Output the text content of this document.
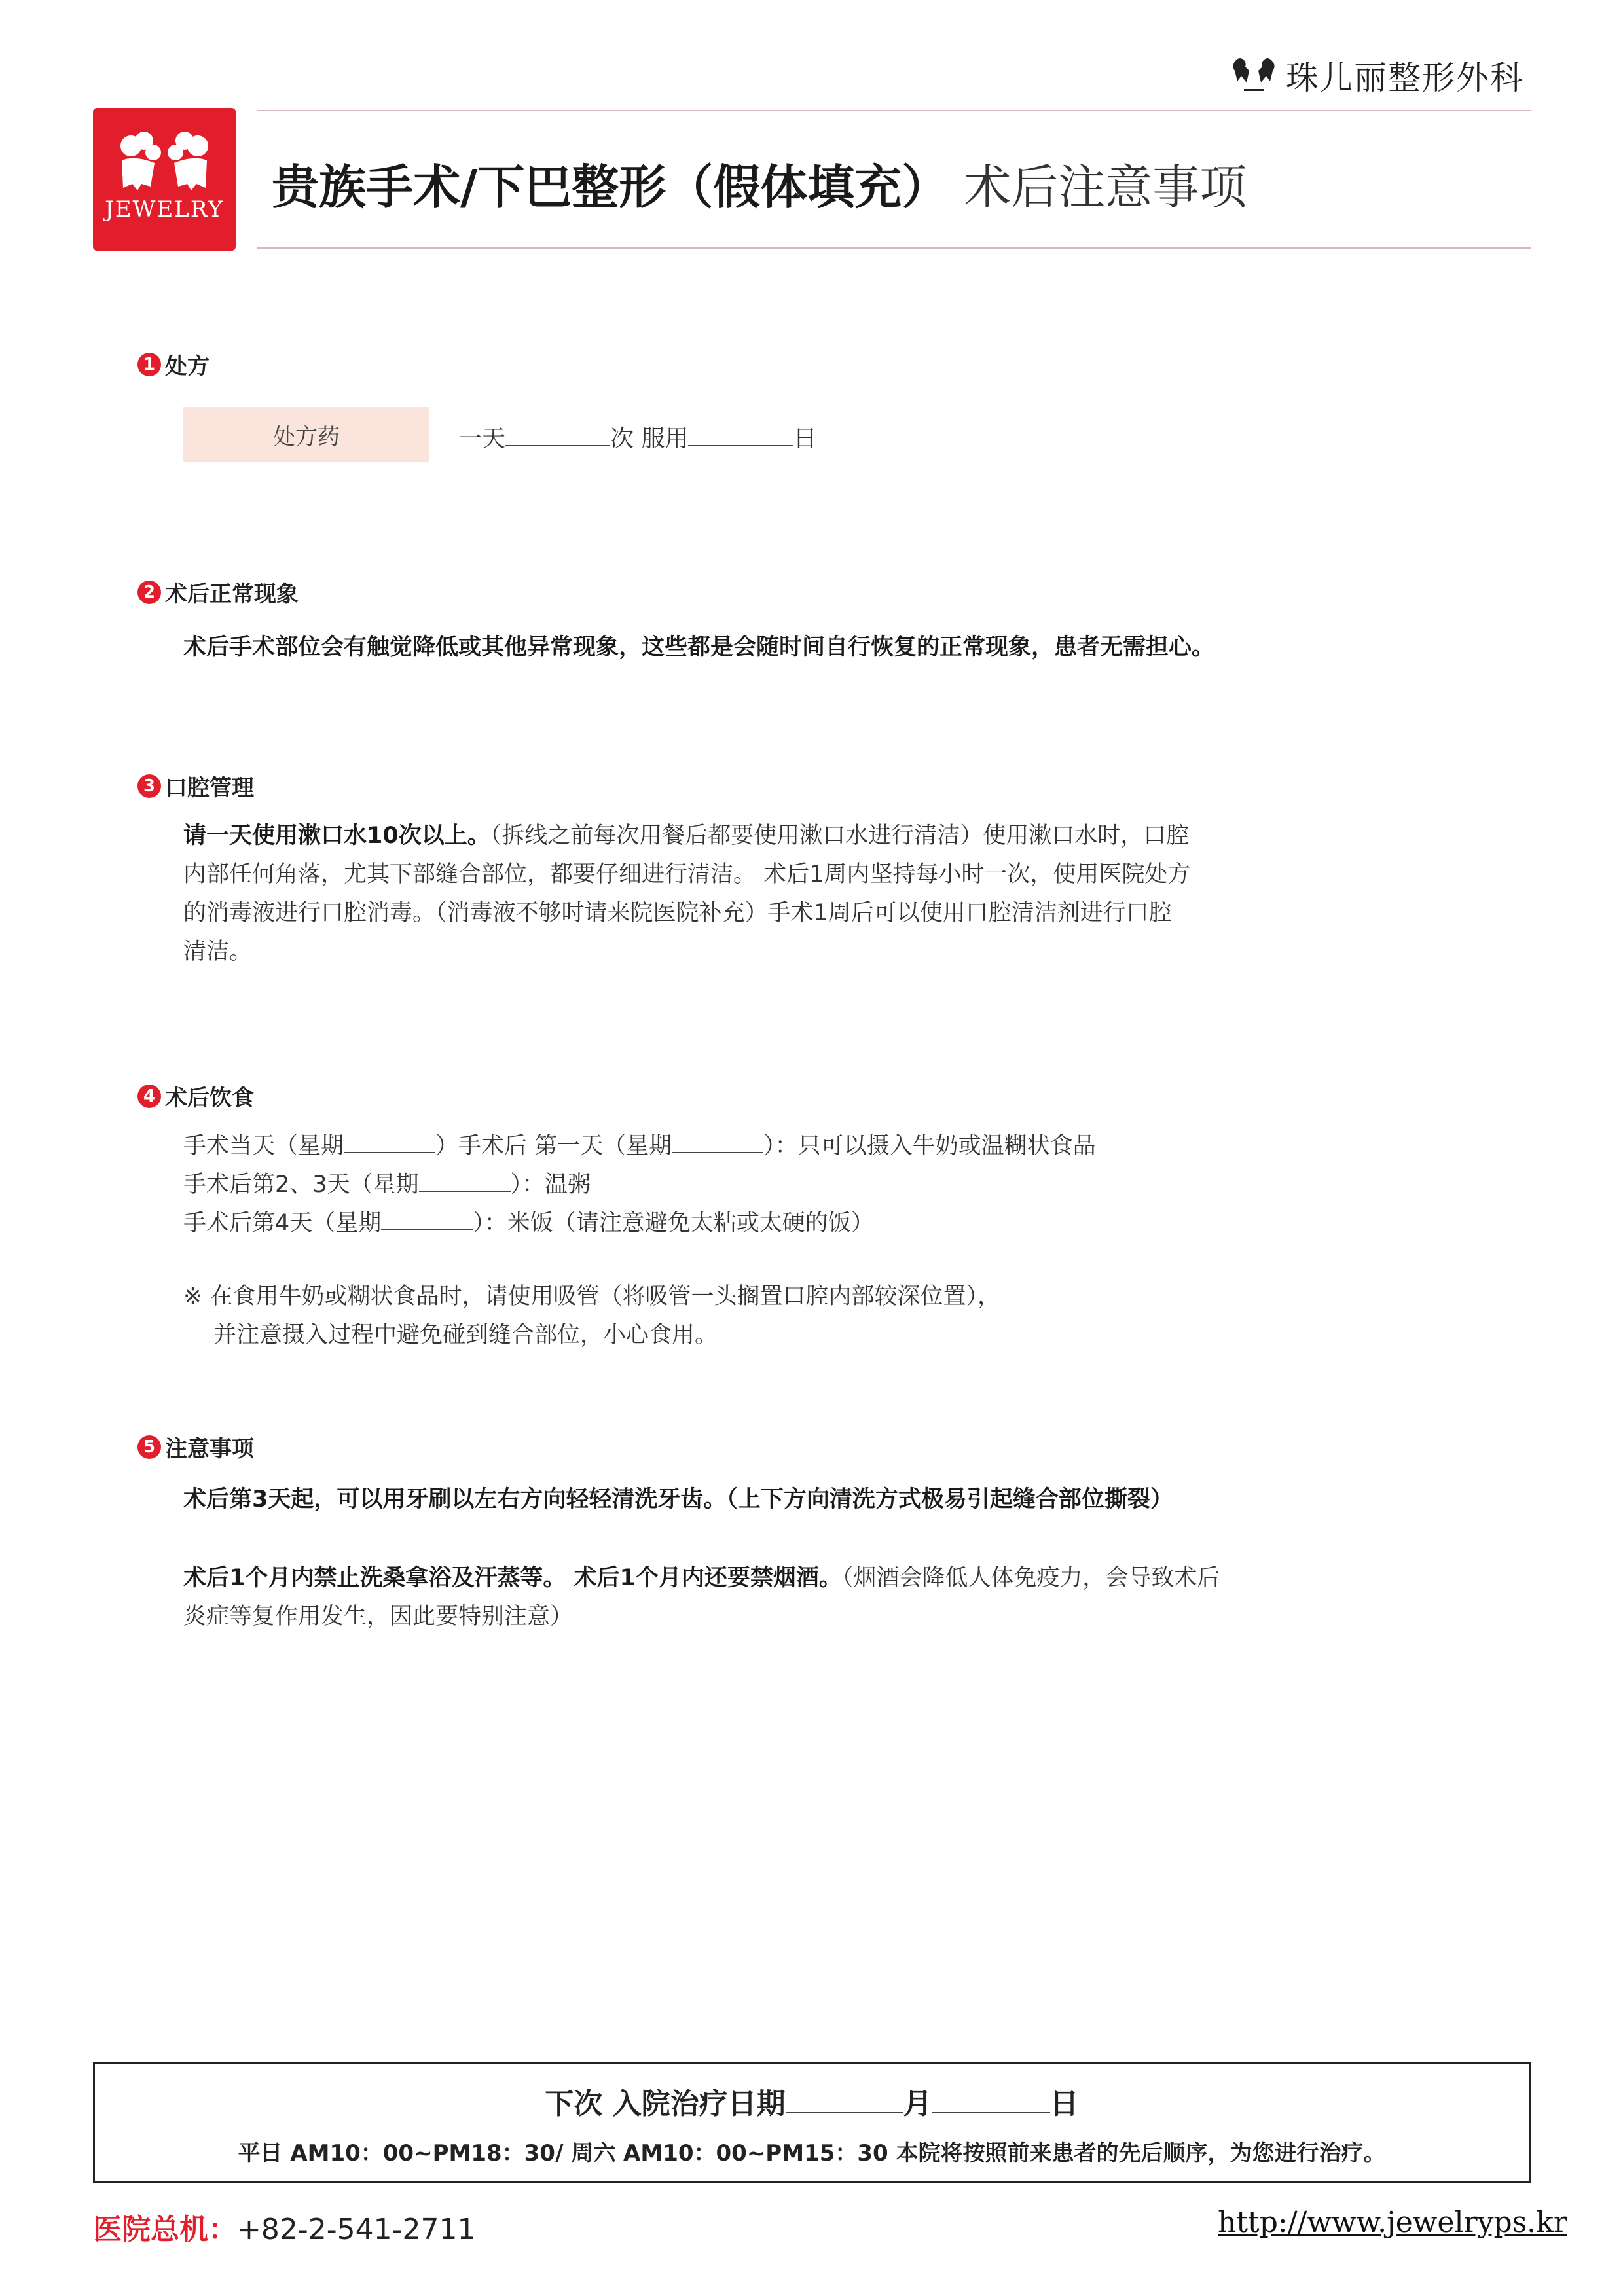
珠儿丽整形外科
JEWELRY 贵族手术/下巴整形（假体填充） 术后注意事项
1 处方
处方药	一天	次 服用	日
2 术后正常现象
术后手术部位会有触觉降低或其他异常现象，这些都是会随时间自行恢复的正常现象，患者无需担心。
3 口腔管理
请一天使用漱口水10次以上。（拆线之前每次用餐后都要使用漱口水进行清洁）使用漱口水时，口腔
内部任何角落，尤其下部缝合部位，都要仔细进行清洁。 术后1周内坚持每小时一次，使用医院处方
的消毒液进行口腔消毒。（消毒液不够时请来院医院补充）手术1周后可以使用口腔清洁剂进行口腔
清洁。
4 术后饮食
手术当天（星期	）手术后 第一天（星期	）：只可以摄入牛奶或温糊状食品
手术后第2、3天（星期	）：温粥
手术后第4天（星期	）：米饭（请注意避免太粘或太硬的饭）
※ 在食用牛奶或糊状食品时，请使用吸管（将吸管一头搁置口腔内部较深位置），
并注意摄入过程中避免碰到缝合部位，小心食用。
5 注意事项
术后第3天起，可以用牙刷以左右方向轻轻清洗牙齿。（上下方向清洗方式极易引起缝合部位撕裂）
术后1个月内禁止洗桑拿浴及汗蒸等。 术后1个月内还要禁烟酒。（烟酒会降低人体免疫力，会导致术后
炎症等复作用发生，因此要特别注意）
下次 入院治疗日期	月	日
平日 AM10：00~PM18：30/ 周六 AM10：00~PM15：30 本院将按照前来患者的先后顺序，为您进行治疗。
医院总机：+82-2-541-2711	http://www.jewelryps.kr
